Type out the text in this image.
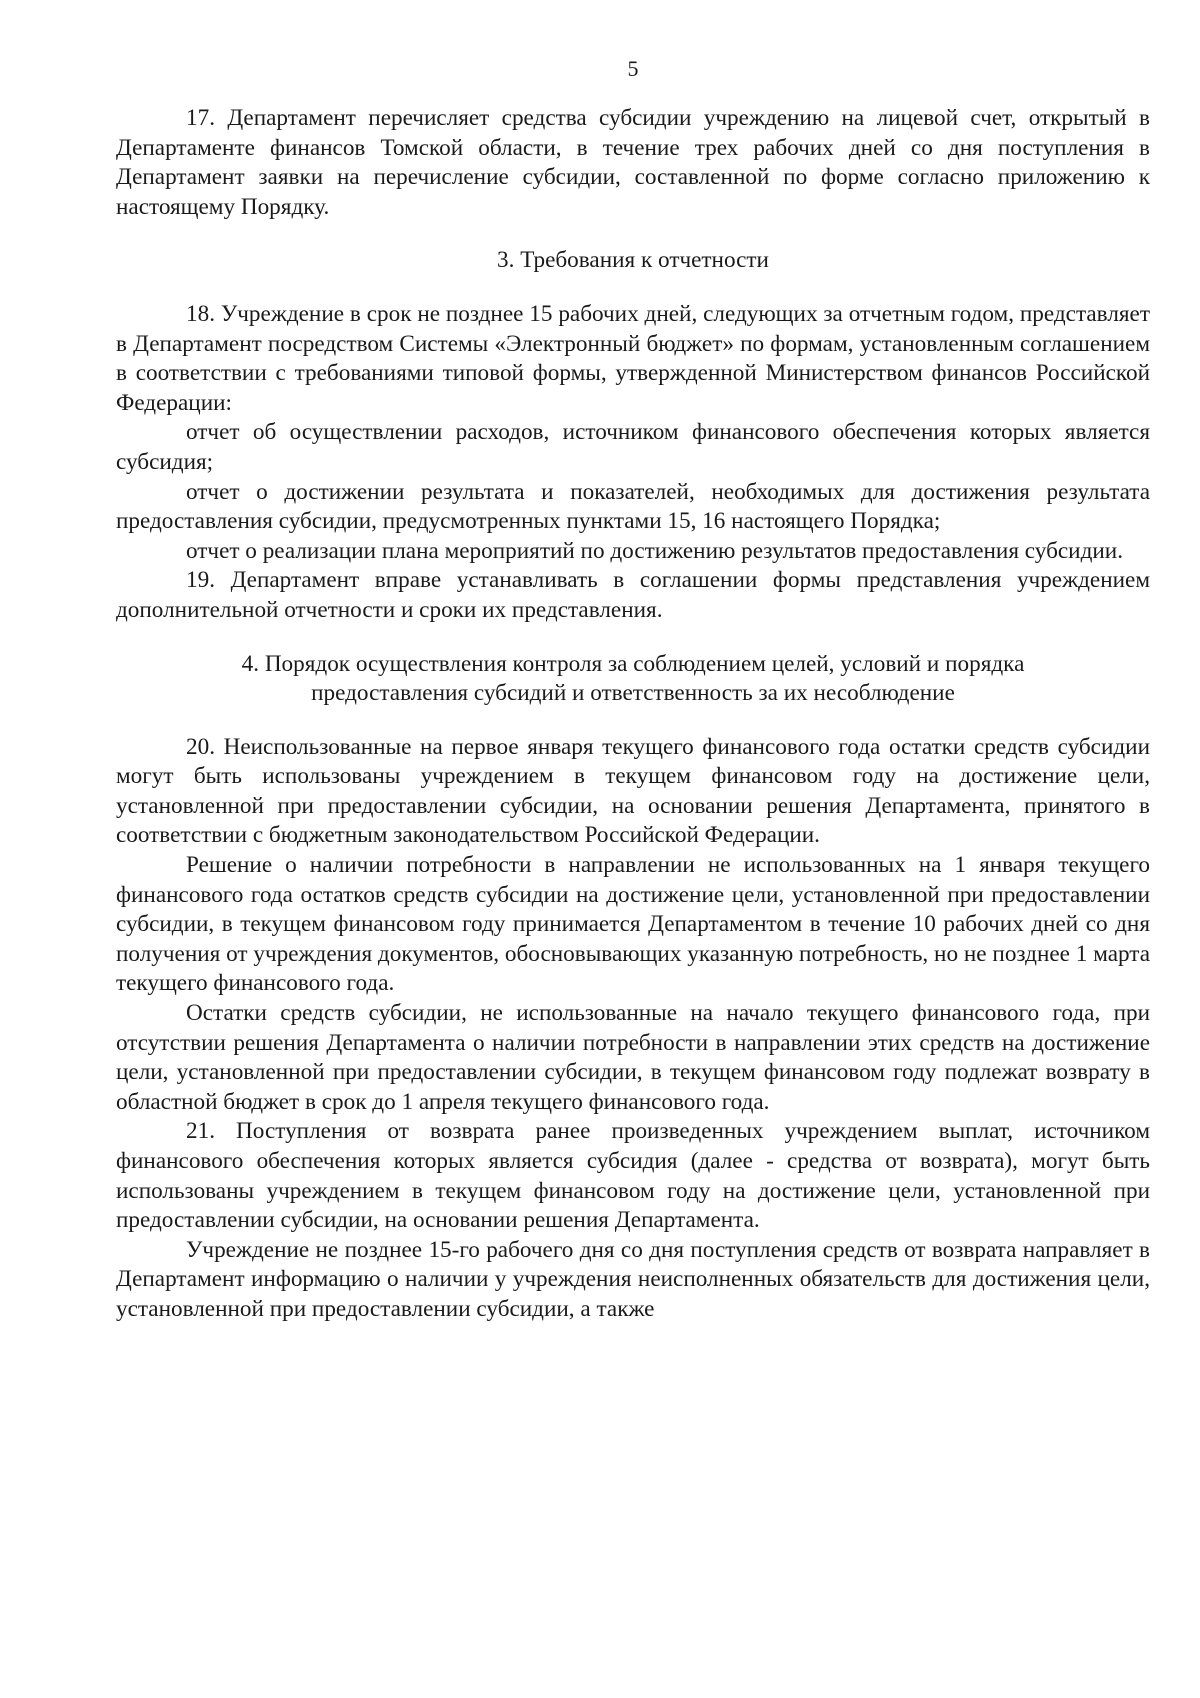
5

17. Департамент перечисляет средства субсидии учреждению на лицевой счет, открытый в Департаменте финансов Томской области, в течение трех рабочих дней со дня поступления в Департамент заявки на перечисление субсидии, составленной по форме согласно приложению к настоящему Порядку.

3. Требования к отчетности

18. Учреждение в срок не позднее 15 рабочих дней, следующих за отчетным годом, представляет в Департамент посредством Системы «Электронный бюджет» по формам, установленным соглашением в соответствии с требованиями типовой формы, утвержденной Министерством финансов Российской Федерации:

отчет об осуществлении расходов, источником финансового обеспечения которых является субсидия;

отчет о достижении результата и показателей, необходимых для достижения результата предоставления субсидии, предусмотренных пунктами 15, 16 настоящего Порядка;

отчет о реализации плана мероприятий по достижению результатов предоставления субсидии.

19. Департамент вправе устанавливать в соглашении формы представления учреждением дополнительной отчетности и сроки их представления.

4. Порядок осуществления контроля за соблюдением целей, условий и порядка
предоставления субсидий и ответственность за их несоблюдение

20. Неиспользованные на первое января текущего финансового года остатки средств субсидии могут быть использованы учреждением в текущем финансовом году на достижение цели, установленной при предоставлении субсидии, на основании решения Департамента, принятого в соответствии с бюджетным законодательством Российской Федерации.

Решение о наличии потребности в направлении не использованных на 1 января текущего финансового года остатков средств субсидии на достижение цели, установленной при предоставлении субсидии, в текущем финансовом году принимается Департаментом в течение 10 рабочих дней со дня получения от учреждения документов, обосновывающих указанную потребность, но не позднее 1 марта текущего финансового года.

Остатки средств субсидии, не использованные на начало текущего финансового года, при отсутствии решения Департамента о наличии потребности в направлении этих средств на достижение цели, установленной при предоставлении субсидии, в текущем финансовом году подлежат возврату в областной бюджет в срок до 1 апреля текущего финансового года.

21. Поступления от возврата ранее произведенных учреждением выплат, источником финансового обеспечения которых является субсидия (далее - средства от возврата), могут быть использованы учреждением в текущем финансовом году на достижение цели, установленной при предоставлении субсидии, на основании решения Департамента.

Учреждение не позднее 15-го рабочего дня со дня поступления средств от возврата направляет в Департамент информацию о наличии у учреждения неисполненных обязательств для достижения цели, установленной при предоставлении субсидии, а также
